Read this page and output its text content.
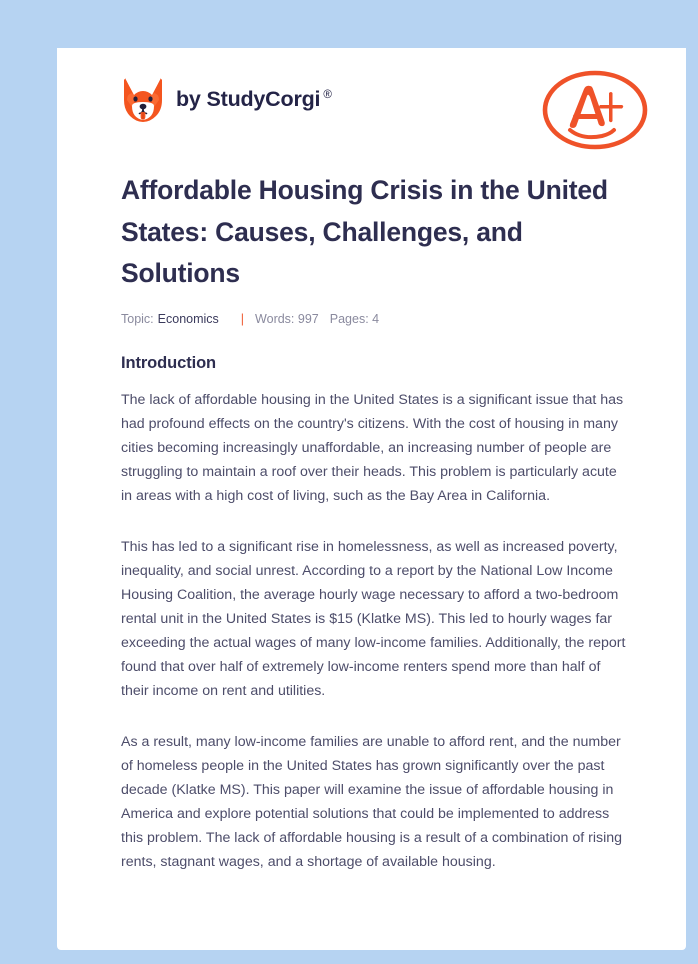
by StudyCorgi ®
Affordable Housing Crisis in the United States: Causes, Challenges, and Solutions
Topic: Economics | Words: 997 Pages: 4
Introduction

The lack of affordable housing in the United States is a significant issue that has had profound effects on the country's citizens. With the cost of housing in many cities becoming increasingly unaffordable, an increasing number of people are struggling to maintain a roof over their heads. This problem is particularly acute in areas with a high cost of living, such as the Bay Area in California.

This has led to a significant rise in homelessness, as well as increased poverty, inequality, and social unrest. According to a report by the National Low Income Housing Coalition, the average hourly wage necessary to afford a two-bedroom rental unit in the United States is $15 (Klatke MS). This led to hourly wages far exceeding the actual wages of many low-income families. Additionally, the report found that over half of extremely low-income renters spend more than half of their income on rent and utilities.

As a result, many low-income families are unable to afford rent, and the number of homeless people in the United States has grown significantly over the past decade (Klatke MS). This paper will examine the issue of affordable housing in America and explore potential solutions that could be implemented to address this problem. The lack of affordable housing is a result of a combination of rising rents, stagnant wages, and a shortage of available housing.
